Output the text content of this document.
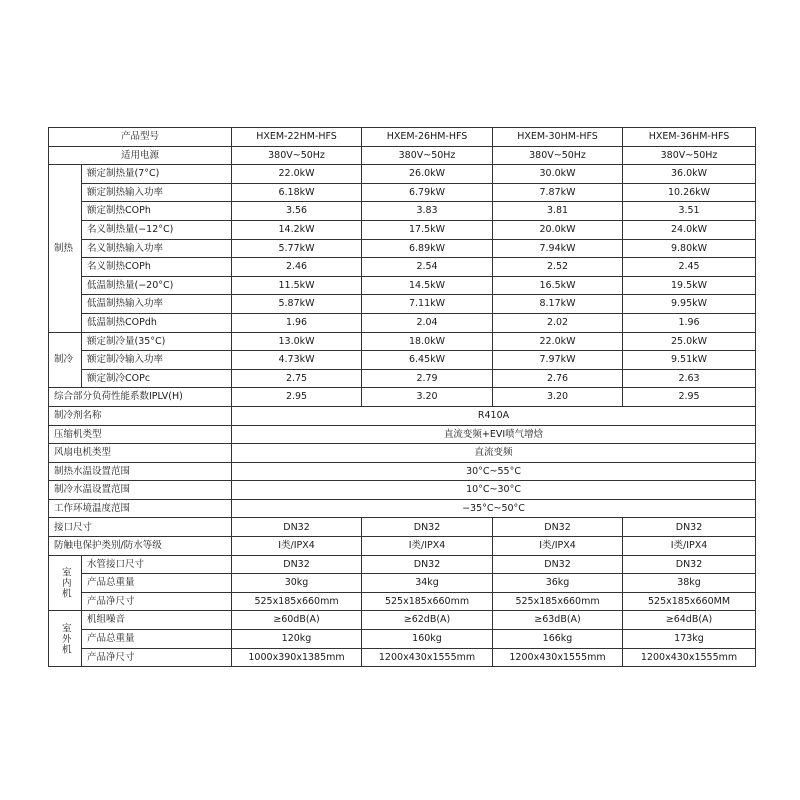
产品型号		HXEM-22HM-HFS	HXEM-26HM-HFS	HXEM-30HM-HFS	HXEM-36HM-HFS
适用电源		380V~50Hz	380V~50Hz	380V~50Hz	380V~50Hz
制热	额定制热量(7°C)	22.0kW	26.0kW	30.0kW	36.0kW
	额定制热输入功率	6.18kW	6.79kW	7.87kW	10.26kW
	额定制热COPh	3.56	3.83	3.81	3.51
	名义制热量(−12°C)	14.2kW	17.5kW	20.0kW	24.0kW
	名义制热输入功率	5.77kW	6.89kW	7.94kW	9.80kW
	名义制热COPh	2.46	2.54	2.52	2.45
	低温制热量(−20°C)	11.5kW	14.5kW	16.5kW	19.5kW
	低温制热输入功率	5.87kW	7.11kW	8.17kW	9.95kW
	低温制热COPdh	1.96	2.04	2.02	1.96
制冷	额定制冷量(35°C)	13.0kW	18.0kW	22.0kW	25.0kW
	额定制冷输入功率	4.73kW	6.45kW	7.97kW	9.51kW
	额定制冷COPc	2.75	2.79	2.76	2.63
综合部分负荷性能系数IPLV(H)		2.95	3.20	3.20	2.95
制冷剂名称		R410A			
压缩机类型		直流变频+EVI喷气增焓			
风扇电机类型		直流变频			
制热水温设置范围		30°C~55°C			
制冷水温设置范围		10°C~30°C			
工作环境温度范围		−35°C~50°C			
接口尺寸		DN32	DN32	DN32	DN32
防触电保护类别/防水等级		I类/IPX4	I类/IPX4	I类/IPX4	I类/IPX4
室内机	水管接口尺寸	DN32	DN32	DN32	DN32
	产品总重量	30kg	34kg	36kg	38kg
	产品净尺寸	525x185x660mm	525x185x660mm	525x185x660mm	525x185x660MM
室外机	机组噪音	≥60dB(A)	≥62dB(A)	≥63dB(A)	≥64dB(A)
	产品总重量	120kg	160kg	166kg	173kg
	产品净尺寸	1000x390x1385mm	1200x430x1555mm	1200x430x1555mm	1200x430x1555mm
